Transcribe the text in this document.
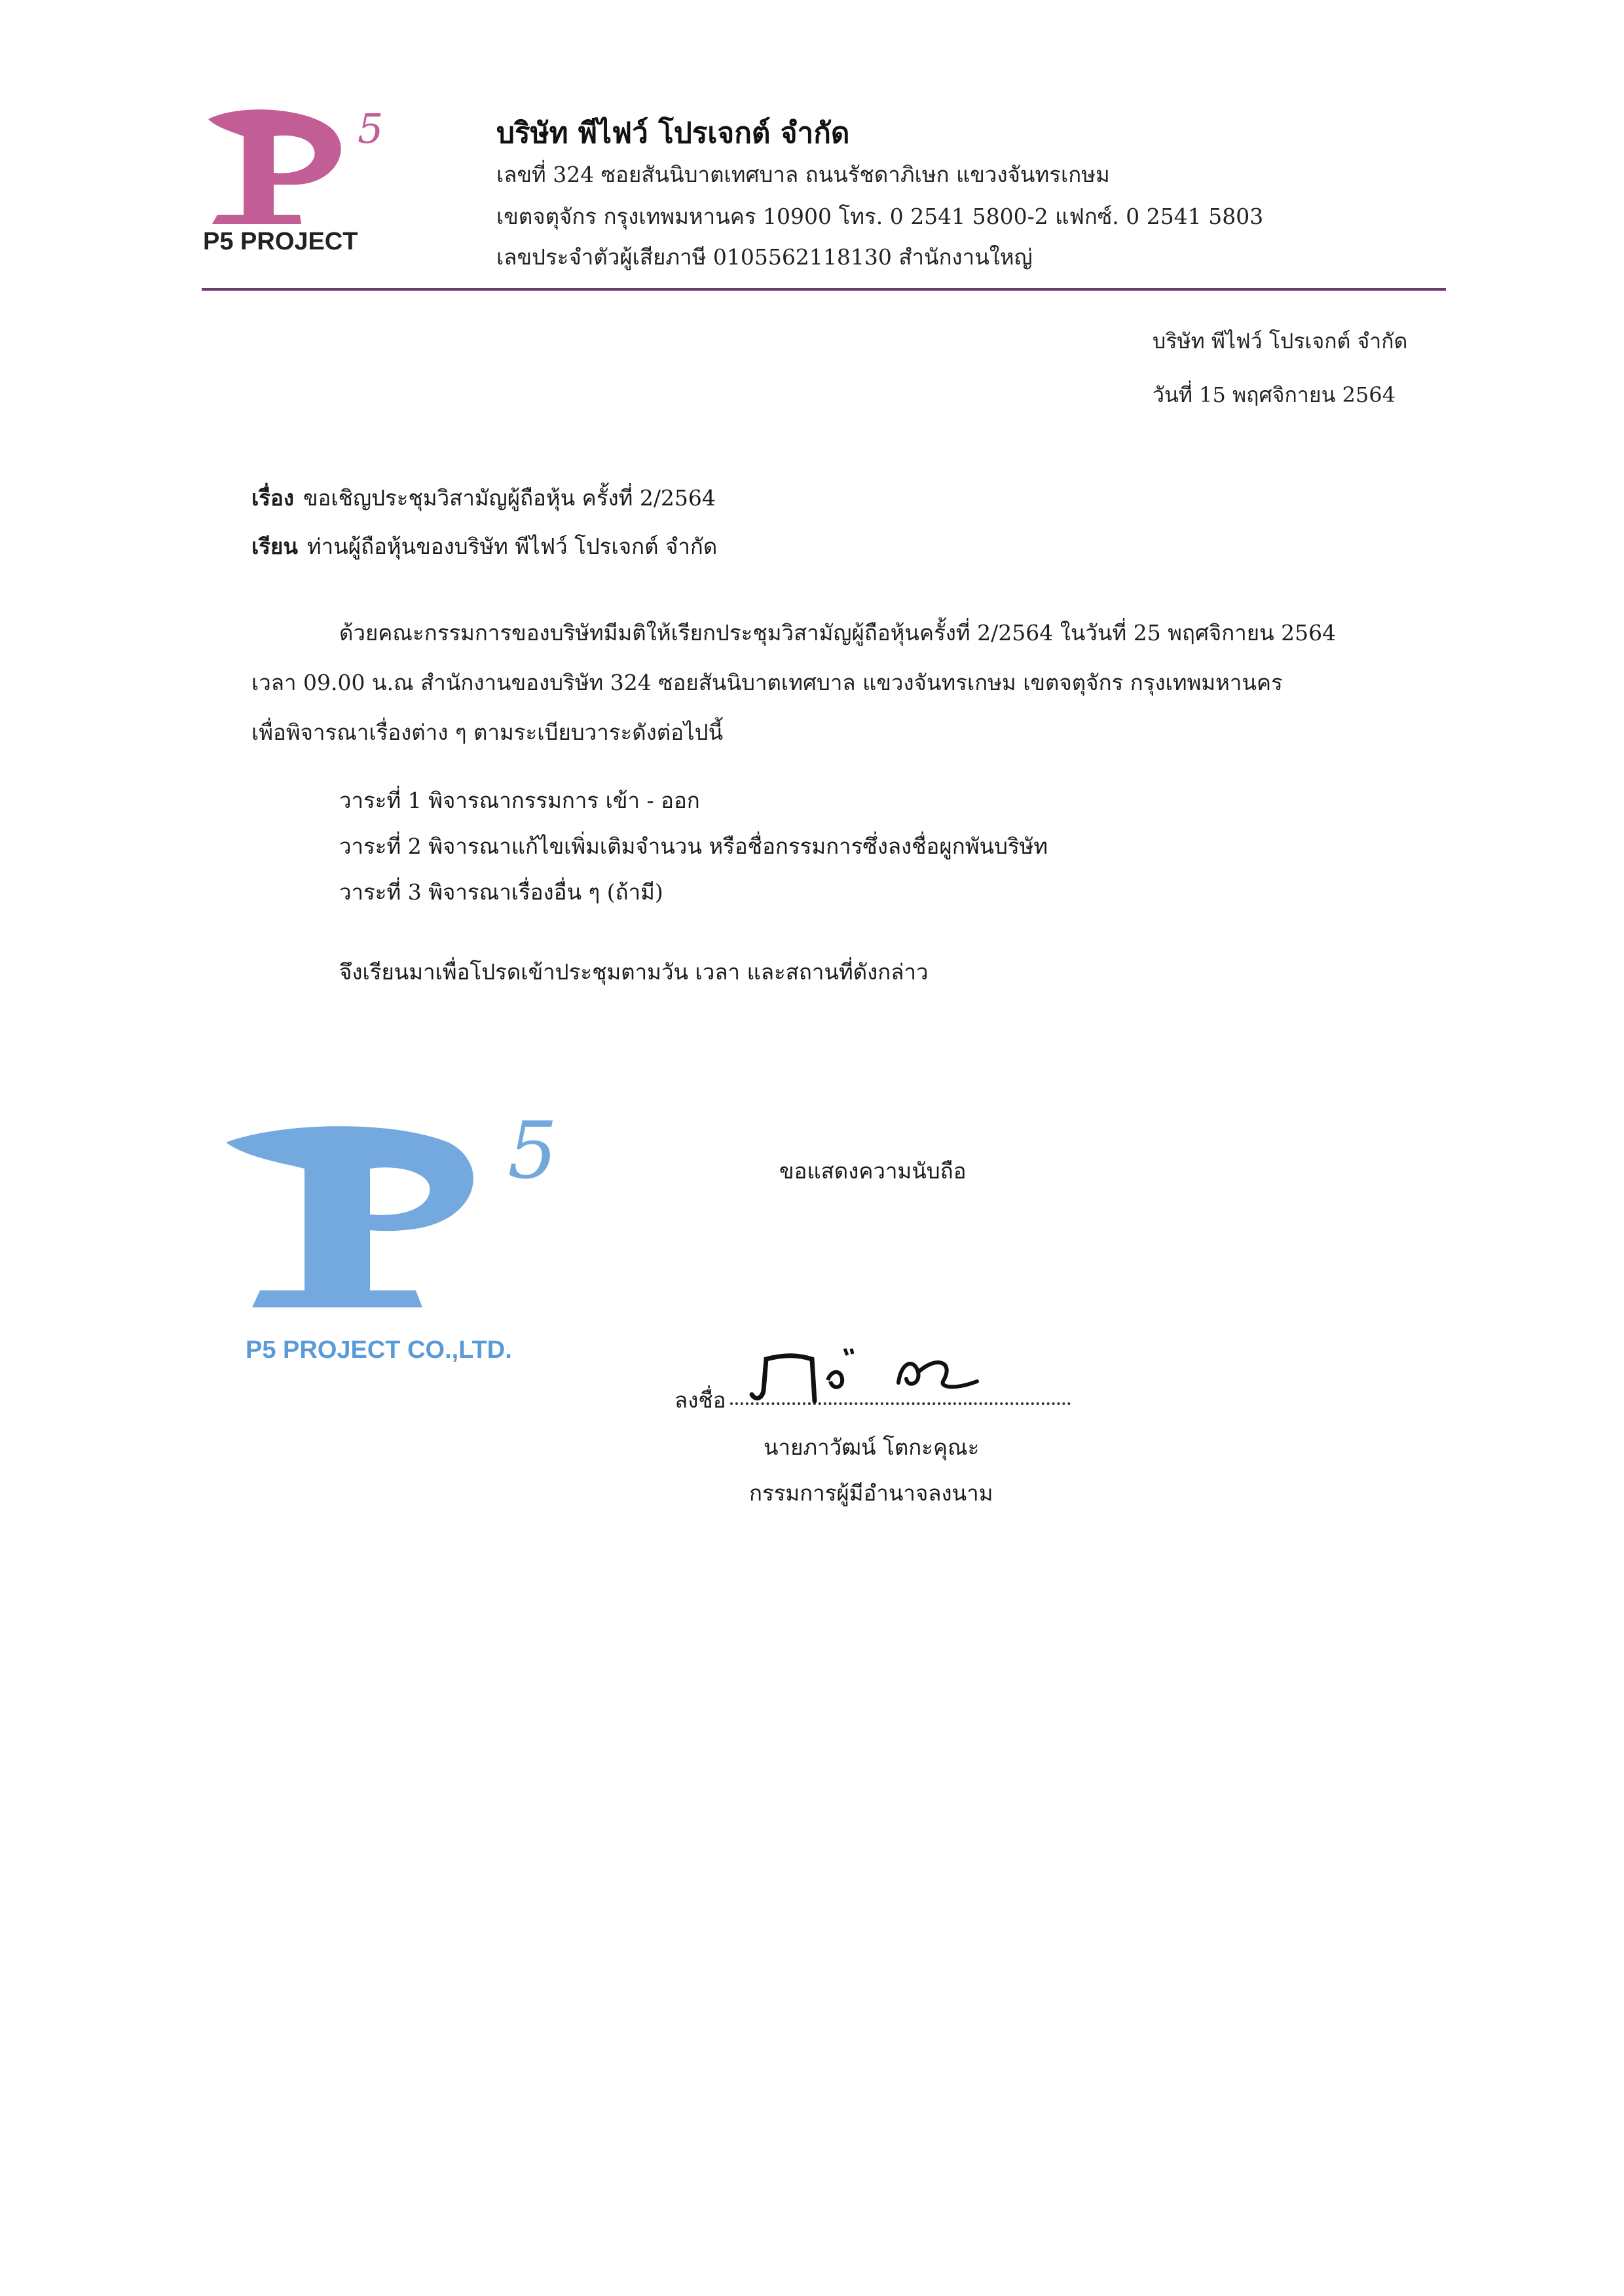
5
P5 PROJECT
บริษัท พีไฟว์ โปรเจกต์ จำกัด
เลขที่ 324 ซอยสันนิบาตเทศบาล ถนนรัชดาภิเษก แขวงจันทรเกษม
เขตจตุจักร กรุงเทพมหานคร 10900 โทร. 0 2541 5800-2 แฟกซ์. 0 2541 5803
เลขประจำตัวผู้เสียภาษี 0105562118130 สำนักงานใหญ่
บริษัท พีไฟว์ โปรเจกต์ จำกัด
วันที่ 15 พฤศจิกายน 2564
เรื่อง ขอเชิญประชุมวิสามัญผู้ถือหุ้น ครั้งที่ 2/2564
เรียน ท่านผู้ถือหุ้นของบริษัท พีไฟว์ โปรเจกต์ จำกัด
ด้วยคณะกรรมการของบริษัทมีมติให้เรียกประชุมวิสามัญผู้ถือหุ้นครั้งที่ 2/2564 ในวันที่ 25 พฤศจิกายน 2564
เวลา 09.00 น.ณ สำนักงานของบริษัท 324 ซอยสันนิบาตเทศบาล แขวงจันทรเกษม เขตจตุจักร กรุงเทพมหานคร
เพื่อพิจารณาเรื่องต่าง ๆ ตามระเบียบวาระดังต่อไปนี้
วาระที่ 1 พิจารณากรรมการ เข้า - ออก
วาระที่ 2 พิจารณาแก้ไขเพิ่มเติมจำนวน หรือชื่อกรรมการซึ่งลงชื่อผูกพันบริษัท
วาระที่ 3 พิจารณาเรื่องอื่น ๆ (ถ้ามี)
จึงเรียนมาเพื่อโปรดเข้าประชุมตามวัน เวลา และสถานที่ดังกล่าว
5
P5 PROJECT CO.,LTD.
ขอแสดงความนับถือ
ลงชื่อ
นายภาวัฒน์ โตกะคุณะ
กรรมการผู้มีอำนาจลงนาม
